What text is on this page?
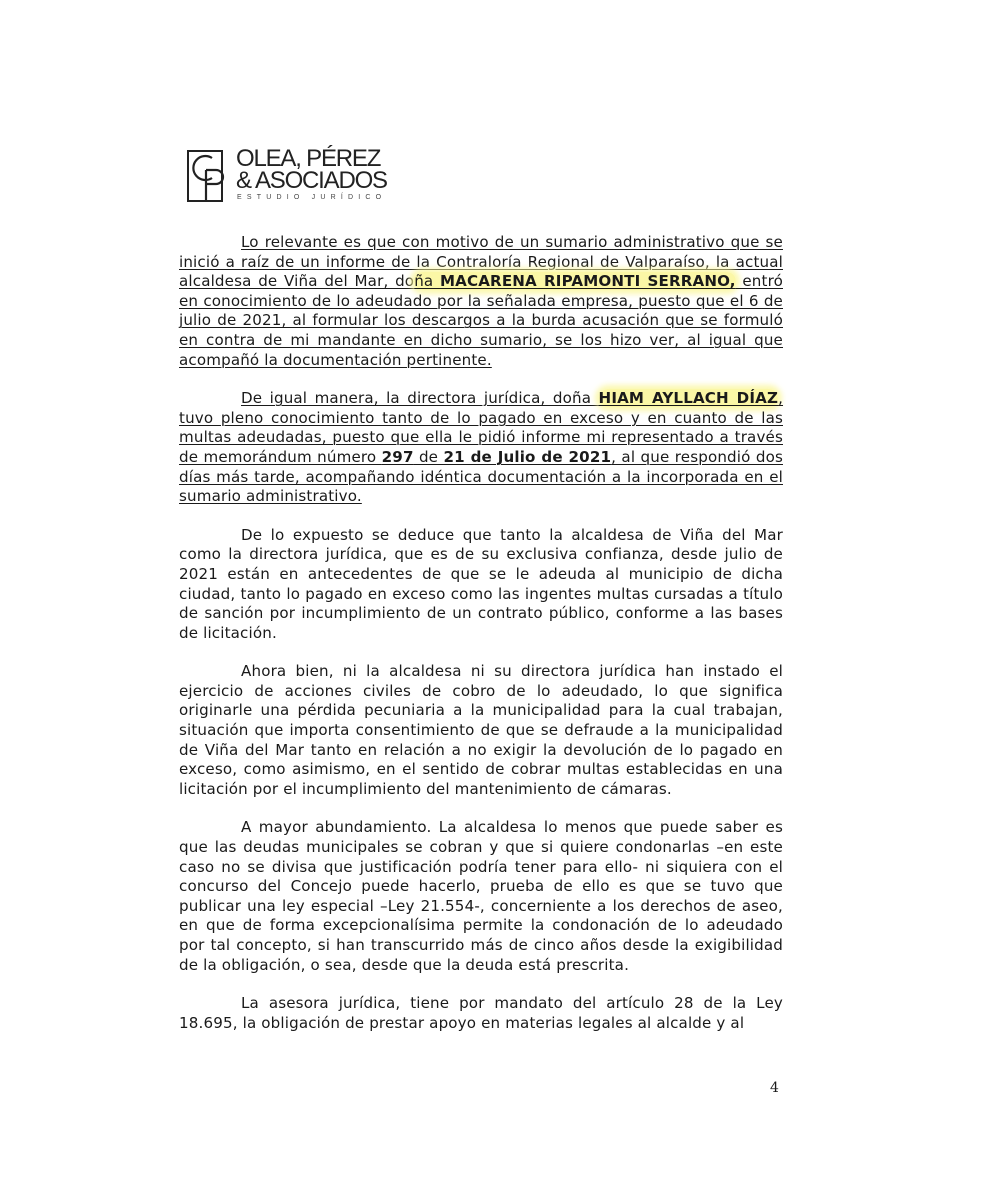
OLEA, PÉREZ
& ASOCIADOS
ESTUDIO JURÍDICO

Lo relevante es que con motivo de un sumario administrativo que se inició a raíz de un informe de la Contraloría Regional de Valparaíso, la actual alcaldesa de Viña del Mar, doña MACARENA RIPAMONTI SERRANO, entró en conocimiento de lo adeudado por la señalada empresa, puesto que el 6 de julio de 2021, al formular los descargos a la burda acusación que se formuló en contra de mi mandante en dicho sumario, se los hizo ver, al igual que acompañó la documentación pertinente.

De igual manera, la directora jurídica, doña HIAM AYLLACH DÍAZ, tuvo pleno conocimiento tanto de lo pagado en exceso y en cuanto de las multas adeudadas, puesto que ella le pidió informe mi representado a través de memorándum número 297 de 21 de Julio de 2021, al que respondió dos días más tarde, acompañando idéntica documentación a la incorporada en el sumario administrativo.

De lo expuesto se deduce que tanto la alcaldesa de Viña del Mar como la directora jurídica, que es de su exclusiva confianza, desde julio de 2021 están en antecedentes de que se le adeuda al municipio de dicha ciudad, tanto lo pagado en exceso como las ingentes multas cursadas a título de sanción por incumplimiento de un contrato público, conforme a las bases de licitación.

Ahora bien, ni la alcaldesa ni su directora jurídica han instado el ejercicio de acciones civiles de cobro de lo adeudado, lo que significa originarle una pérdida pecuniaria a la municipalidad para la cual trabajan, situación que importa consentimiento de que se defraude a la municipalidad de Viña del Mar tanto en relación a no exigir la devolución de lo pagado en exceso, como asimismo, en el sentido de cobrar multas establecidas en una licitación por el incumplimiento del mantenimiento de cámaras.

A mayor abundamiento. La alcaldesa lo menos que puede saber es que las deudas municipales se cobran y que si quiere condonarlas –en este caso no se divisa que justificación podría tener para ello- ni siquiera con el concurso del Concejo puede hacerlo, prueba de ello es que se tuvo que publicar una ley especial –Ley 21.554-, concerniente a los derechos de aseo, en que de forma excepcionalísima permite la condonación de lo adeudado por tal concepto, si han transcurrido más de cinco años desde la exigibilidad de la obligación, o sea, desde que la deuda está prescrita.

La asesora jurídica, tiene por mandato del artículo 28 de la Ley 18.695, la obligación de prestar apoyo en materias legales al alcalde y al

4
